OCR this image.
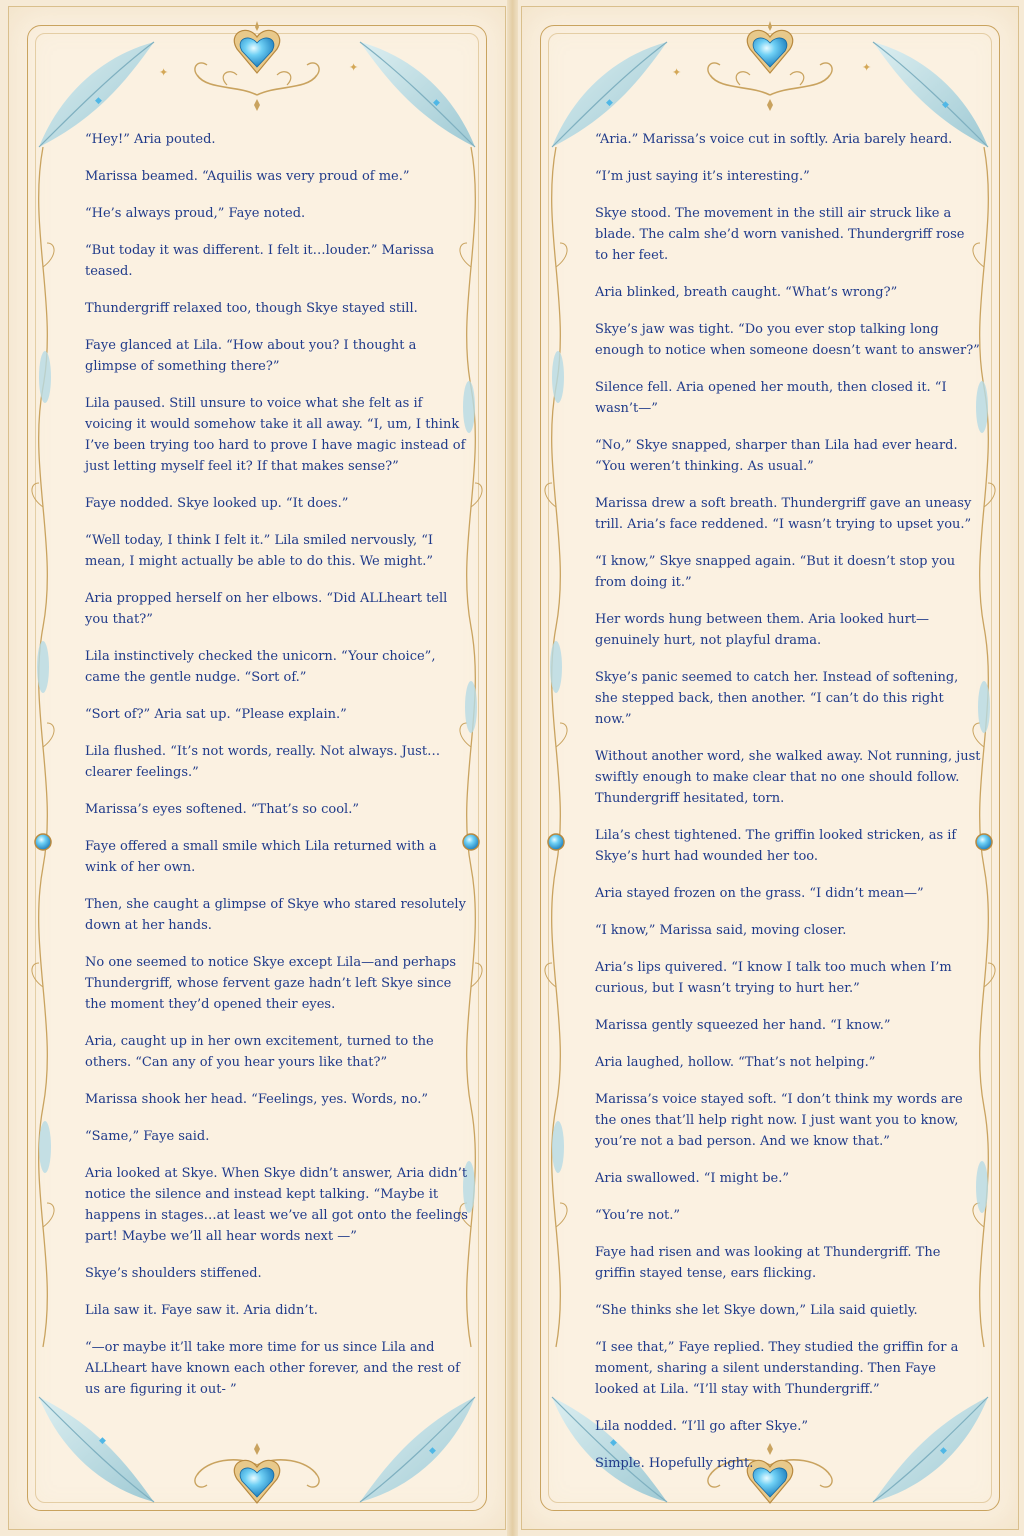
✦	✦
◆	◆
◆
◆

“Hey!” Aria pouted.

Marissa beamed. “Aquilis was very proud of me.”

“He’s always proud,” Faye noted.

“But today it was different. I felt it…louder.” Marissa teased.

Thundergriff relaxed too, though Skye stayed still.

Faye glanced at Lila. “How about you? I thought a glimpse of something there?”

Lila paused. Still unsure to voice what she felt as if voicing it would somehow take it all away. “I, um, I think I’ve been trying too hard to prove I have magic instead of just letting myself feel it? If that makes sense?”

Faye nodded. Skye looked up. “It does.”

“Well today, I think I felt it.” Lila smiled nervously, “I mean, I might actually be able to do this. We might.”

Aria propped herself on her elbows. “Did ALLheart tell you that?”

Lila instinctively checked the unicorn. “Your choice”, came the gentle nudge. “Sort of.”

“Sort of?” Aria sat up. “Please explain.”

Lila flushed. “It’s not words, really. Not always. Just… clearer feelings.”

Marissa’s eyes softened. “That’s so cool.”

Faye offered a small smile which Lila returned with a wink of her own.

Then, she caught a glimpse of Skye who stared resolutely down at her hands.

No one seemed to notice Skye except Lila—and perhaps Thundergriff, whose fervent gaze hadn’t left Skye since the moment they’d opened their eyes.

Aria, caught up in her own excitement, turned to the others. “Can any of you hear yours like that?”

Marissa shook her head. “Feelings, yes. Words, no.”

“Same,” Faye said.

Aria looked at Skye. When Skye didn’t answer, Aria didn’t notice the silence and instead kept talking. “Maybe it happens in stages…at least we’ve all got onto the feelings part! Maybe we’ll all hear words next —”

Skye’s shoulders stiffened.

Lila saw it. Faye saw it. Aria didn’t.

“—or maybe it’ll take more time for us since Lila and ALLheart have known each other forever, and the rest of us are figuring it out- ”

✦	✦
◆	◆
◆
◆

“Aria.” Marissa’s voice cut in softly. Aria barely heard.

“I’m just saying it’s interesting.”

Skye stood. The movement in the still air struck like a blade. The calm she’d worn vanished. Thundergriff rose to her feet.

Aria blinked, breath caught. “What’s wrong?”

Skye’s jaw was tight. “Do you ever stop talking long enough to notice when someone doesn’t want to answer?”

Silence fell. Aria opened her mouth, then closed it. “I wasn’t—”

“No,” Skye snapped, sharper than Lila had ever heard. “You weren’t thinking. As usual.”

Marissa drew a soft breath. Thundergriff gave an uneasy trill. Aria’s face reddened. “I wasn’t trying to upset you.”

“I know,” Skye snapped again. “But it doesn’t stop you from doing it.”

Her words hung between them. Aria looked hurt—genuinely hurt, not playful drama.

Skye’s panic seemed to catch her. Instead of softening, she stepped back, then another. “I can’t do this right now.”

Without another word, she walked away. Not running, just swiftly enough to make clear that no one should follow. Thundergriff hesitated, torn.

Lila’s chest tightened. The griffin looked stricken, as if Skye’s hurt had wounded her too.

Aria stayed frozen on the grass. “I didn’t mean—”

“I know,” Marissa said, moving closer.

Aria’s lips quivered. “I know I talk too much when I’m curious, but I wasn’t trying to hurt her.”

Marissa gently squeezed her hand. “I know.”

Aria laughed, hollow. “That’s not helping.”

Marissa’s voice stayed soft. “I don’t think my words are the ones that’ll help right now. I just want you to know, you’re not a bad person. And we know that.”

Aria swallowed. “I might be.”

“You’re not.”

Faye had risen and was looking at Thundergriff. The griffin stayed tense, ears flicking.

“She thinks she let Skye down,” Lila said quietly.

“I see that,” Faye replied. They studied the griffin for a moment, sharing a silent understanding. Then Faye looked at Lila. “I’ll stay with Thundergriff.”

Lila nodded. “I’ll go after Skye.”

Simple. Hopefully right.
